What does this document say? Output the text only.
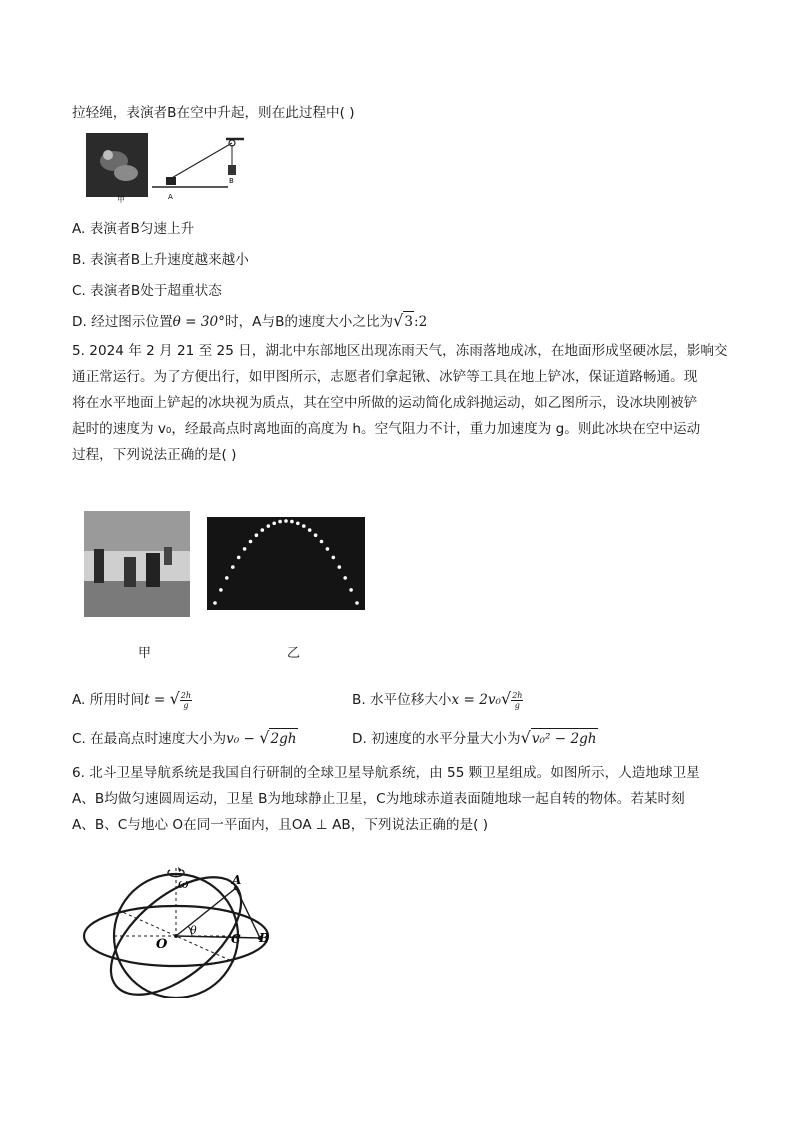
拉轻绳，表演者B在空中升起，则在此过程中( )
A
B
甲
A. 表演者B匀速上升
B. 表演者B上升速度越来越小
C. 表演者B处于超重状态
D. 经过图示位置θ = 30°时，A与B的速度大小之比为√3:2
5. 2024 年 2 月 21 至 25 日，湖北中东部地区出现冻雨天气，冻雨落地成冰，在地面形成坚硬冰层，影响交
通正常运行。为了方便出行，如甲图所示，志愿者们拿起锹、冰铲等工具在地上铲冰，保证道路畅通。现
将在水平地面上铲起的冰块视为质点，其在空中所做的运动简化成斜抛运动，如乙图所示，设冰块刚被铲
起时的速度为 v₀，经最高点时离地面的高度为 h。空气阻力不计，重力加速度为 g。则此冰块在空中运动
过程，下列说法正确的是( )
甲	乙
A. 所用时间t = √ $\frac{2h}{g}$	B. 水平位移大小$x = 2v_0√ \frac{2h}{g}$
C. 在最高点时速度大小为v₀ − √2gh	D. 初速度的水平分量大小为√v₀² − 2gh
6. 北斗卫星导航系统是我国自行研制的全球卫星导航系统，由 55 颗卫星组成。如图所示，人造地球卫星
A、B均做匀速圆周运动，卫星 B为地球静止卫星，C为地球赤道表面随地球一起自转的物体。若某时刻
A、B、C与地心 O在同一平面内，且OA ⊥ AB，下列说法正确的是( )
ω	A
B
C
O
θ
